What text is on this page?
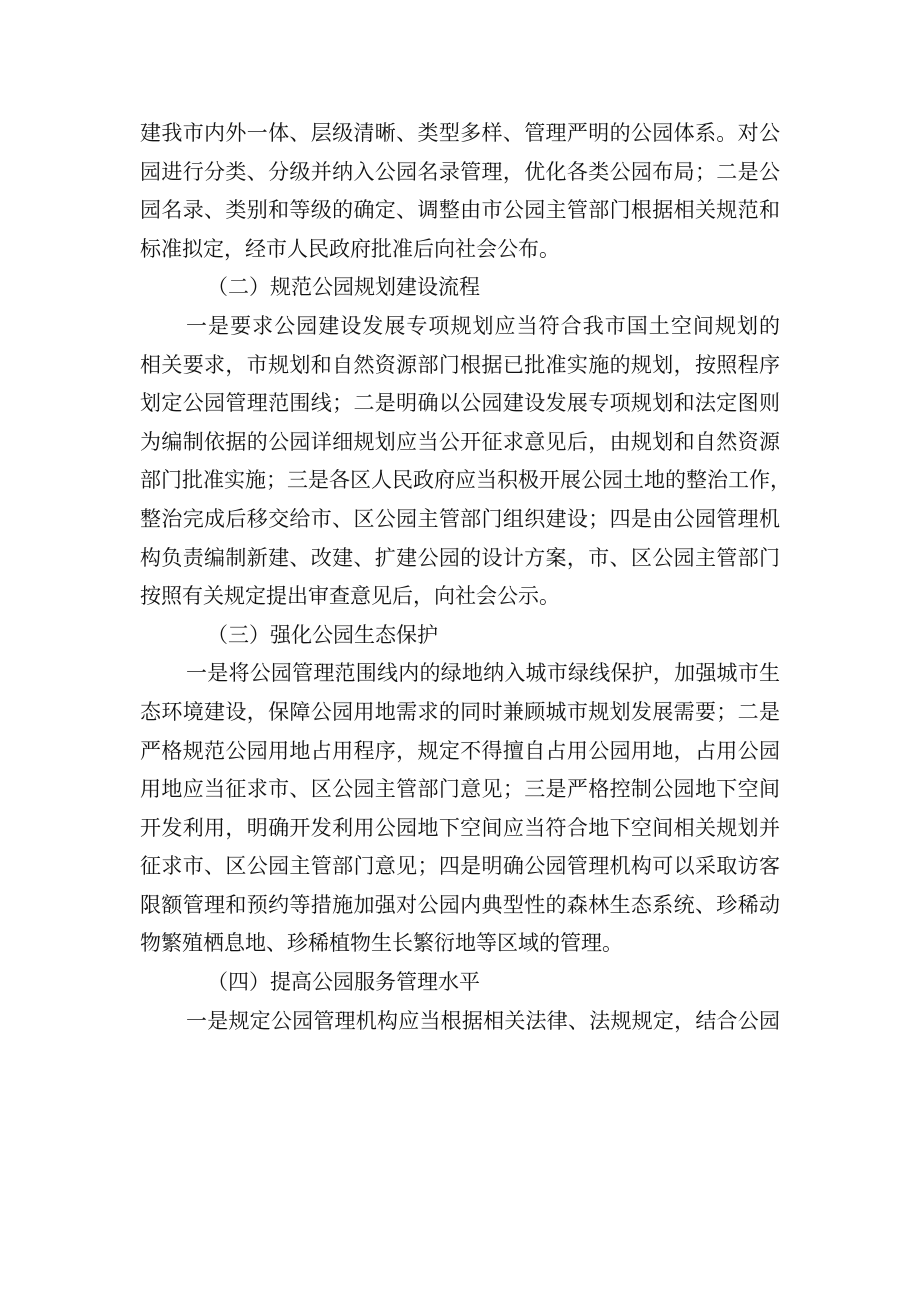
建我市内外一体、层级清晰、类型多样、管理严明的公园体系。对公
园进行分类、分级并纳入公园名录管理，优化各类公园布局；二是公
园名录、类别和等级的确定、调整由市公园主管部门根据相关规范和
标准拟定，经市人民政府批准后向社会公布。
（二）规范公园规划建设流程
一是要求公园建设发展专项规划应当符合我市国土空间规划的
相关要求，市规划和自然资源部门根据已批准实施的规划，按照程序
划定公园管理范围线；二是明确以公园建设发展专项规划和法定图则
为编制依据的公园详细规划应当公开征求意见后，由规划和自然资源
部门批准实施；三是各区人民政府应当积极开展公园土地的整治工作，
整治完成后移交给市、区公园主管部门组织建设；四是由公园管理机
构负责编制新建、改建、扩建公园的设计方案，市、区公园主管部门
按照有关规定提出审查意见后，向社会公示。
（三）强化公园生态保护
一是将公园管理范围线内的绿地纳入城市绿线保护，加强城市生
态环境建设，保障公园用地需求的同时兼顾城市规划发展需要；二是
严格规范公园用地占用程序，规定不得擅自占用公园用地，占用公园
用地应当征求市、区公园主管部门意见；三是严格控制公园地下空间
开发利用，明确开发利用公园地下空间应当符合地下空间相关规划并
征求市、区公园主管部门意见；四是明确公园管理机构可以采取访客
限额管理和预约等措施加强对公园内典型性的森林生态系统、珍稀动
物繁殖栖息地、珍稀植物生长繁衍地等区域的管理。
（四）提高公园服务管理水平
一是规定公园管理机构应当根据相关法律、法规规定，结合公园
